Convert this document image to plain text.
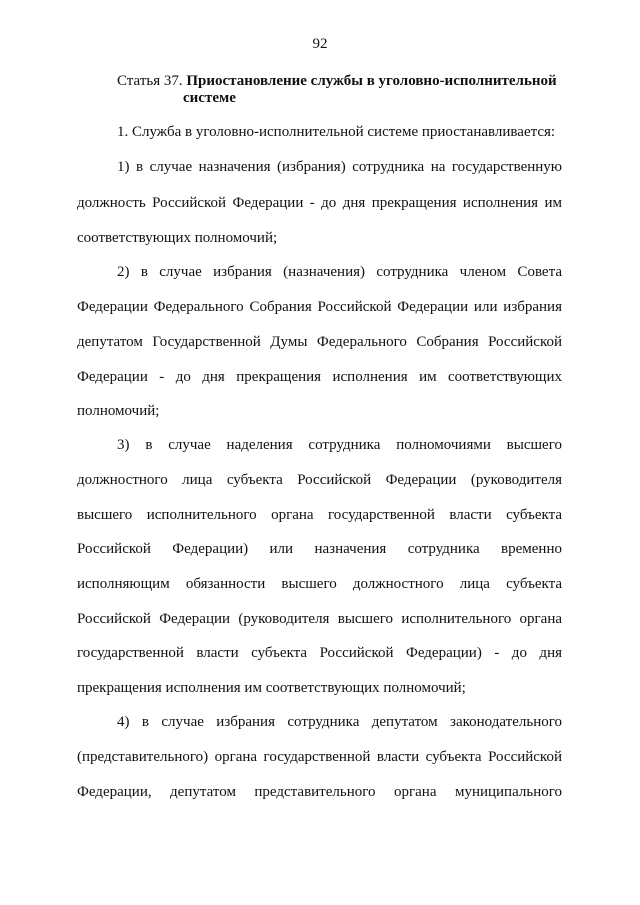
92
Статья 37. Приостановление службы в уголовно-исполнительной
системе
1. Служба в уголовно-исполнительной системе приостанавливается:
1) в случае назначения (избрания) сотрудника на государственную
должность Российской Федерации - до дня прекращения исполнения им
соответствующих полномочий;
2) в случае избрания (назначения) сотрудника членом Совета
Федерации Федерального Собрания Российской Федерации или избрания
депутатом Государственной Думы Федерального Собрания Российской
Федерации - до дня прекращения исполнения им соответствующих
полномочий;
3) в случае наделения сотрудника полномочиями высшего
должностного лица субъекта Российской Федерации (руководителя
высшего исполнительного органа государственной власти субъекта
Российской Федерации) или назначения сотрудника временно
исполняющим обязанности высшего должностного лица субъекта
Российской Федерации (руководителя высшего исполнительного органа
государственной власти субъекта Российской Федерации) - до дня
прекращения исполнения им соответствующих полномочий;
4) в случае избрания сотрудника депутатом законодательного
(представительного) органа государственной власти субъекта Российской
Федерации, депутатом представительного органа муниципального
